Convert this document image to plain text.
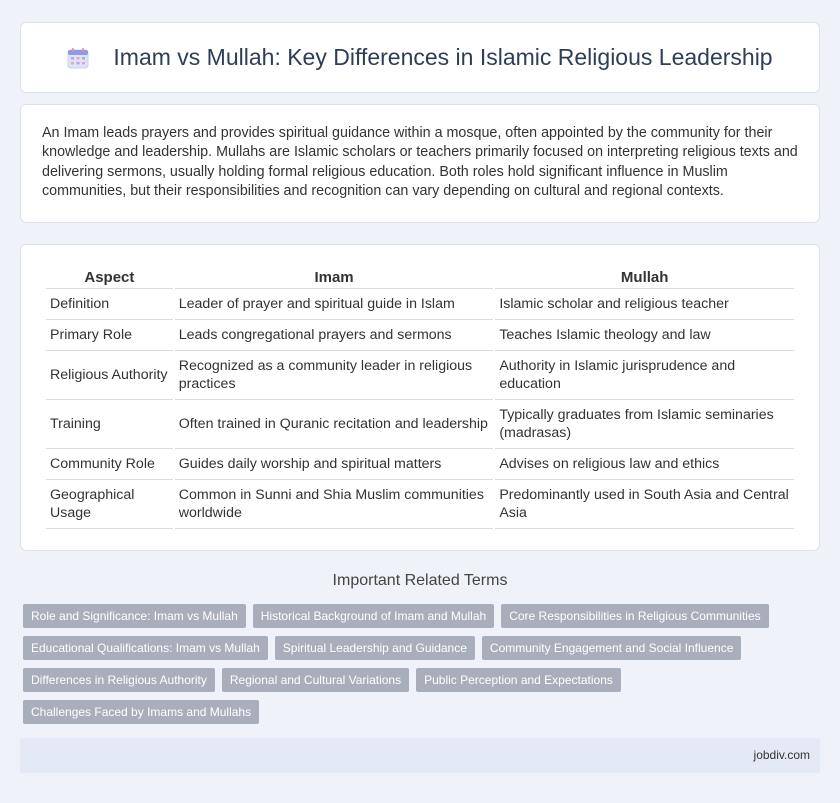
Imam vs Mullah: Key Differences in Islamic Religious Leadership

An Imam leads prayers and provides spiritual guidance within a mosque, often appointed by the community for their knowledge and leadership. Mullahs are Islamic scholars or teachers primarily focused on interpreting religious texts and delivering sermons, usually holding formal religious education. Both roles hold significant influence in Muslim communities, but their responsibilities and recognition can vary depending on cultural and regional contexts.

Aspect	Imam	Mullah
Definition	Leader of prayer and spiritual guide in Islam	Islamic scholar and religious teacher
Primary Role	Leads congregational prayers and sermons	Teaches Islamic theology and law
Religious Authority	Recognized as a community leader in religious practices	Authority in Islamic jurisprudence and education
Training	Often trained in Quranic recitation and leadership	Typically graduates from Islamic seminaries (madrasas)
Community Role	Guides daily worship and spiritual matters	Advises on religious law and ethics
Geographical Usage	Common in Sunni and Shia Muslim communities worldwide	Predominantly used in South Asia and Central Asia
Important Related Terms
Role and Significance: Imam vs Mullah	Historical Background of Imam and Mullah	Core Responsibilities in Religious Communities
Educational Qualifications: Imam vs Mullah	Spiritual Leadership and Guidance	Community Engagement and Social Influence
Differences in Religious Authority	Regional and Cultural Variations	Public Perception and Expectations
Challenges Faced by Imams and Mullahs
jobdiv.com
